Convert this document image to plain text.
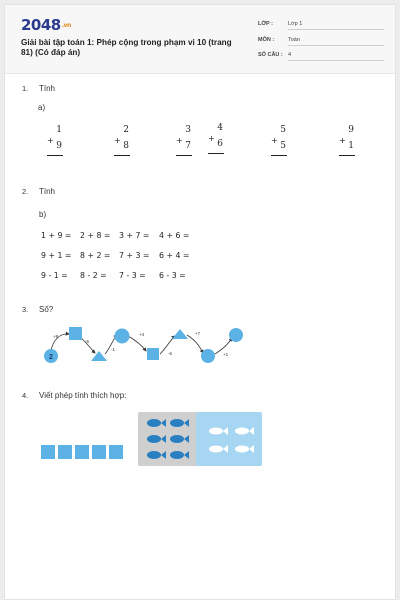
2048.vn
Giải bài tập toán 1: Phép cộng trong phạm vi 10 (trang 81) (Có đáp án)
LỚP :	Lớp 1
MÔN :	Toán
SỐ CÂU : 4
1. Tính
a)
1
+
9
2
+
8
3
+
7
4
+
6
5
+
5
9
+
1
2. Tính
b)
1 + 9 = 2 + 8 = 3 + 7 = 4 + 6 =
9 + 1 = 8 + 2 = 7 + 3 = 6 + 4 =
9 - 1 = 8 - 2 = 7 - 3 = 6 - 3 =
3. Số?
2
+8
-5
-1
+4
-6
+7
+1
4. Viết phép tính thích hợp:
